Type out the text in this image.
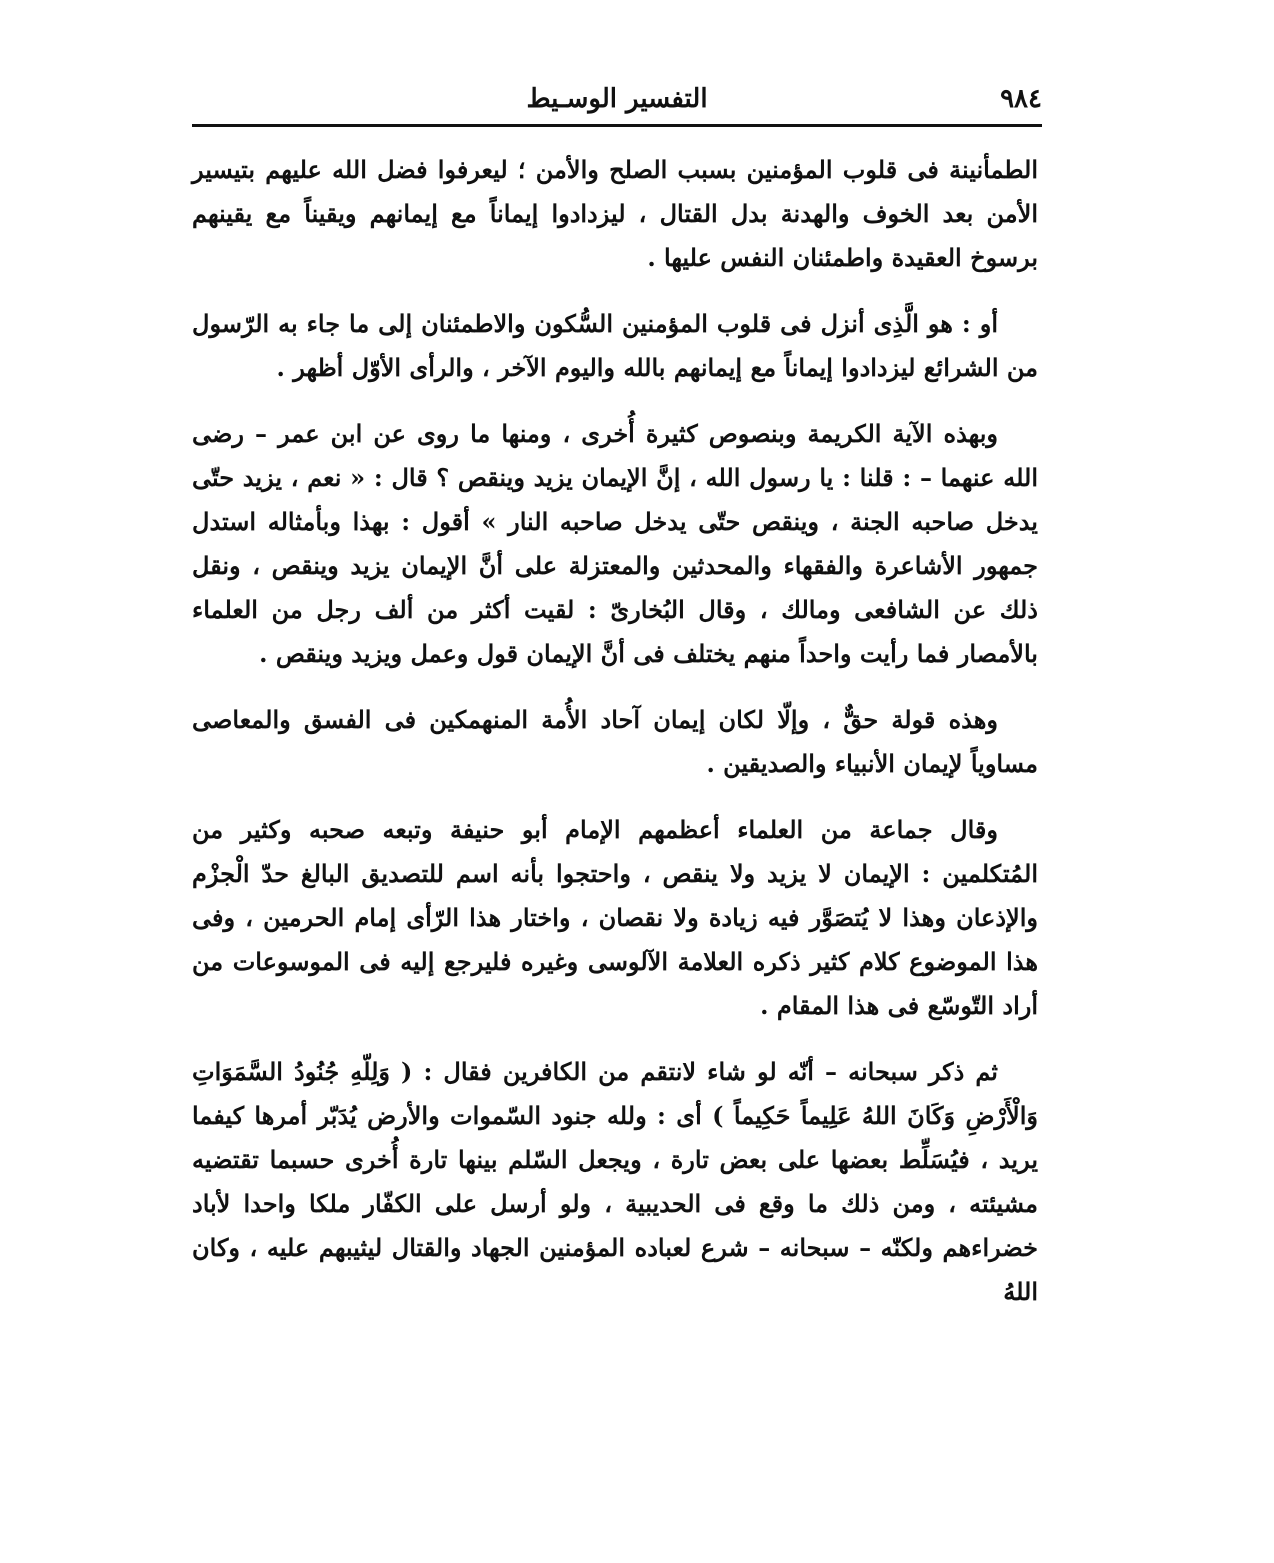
٩٨٤
التفسير الوسـيط

الطمأنينة فى قلوب المؤمنين بسبب الصلح والأمن ؛ ليعرفوا فضل الله عليهم بتيسير الأمن بعد الخوف والهدنة بدل القتال ، ليزدادوا إيماناً مع إيمانهم ويقيناً مع يقينهم برسوخ العقيدة واطمئنان النفس عليها .

أو : هو الَّذِى أنزل فى قلوب المؤمنين السُّكون والاطمئنان إلى ما جاء به الرّسول من الشرائع ليزدادوا إيماناً مع إيمانهم بالله واليوم الآخر ، والرأى الأوّل أظهر .

وبهذه الآية الكريمة وبنصوص كثيرة أُخرى ، ومنها ما روى عن ابن عمر – رضى الله عنهما – : قلنا : يا رسول الله ، إنَّ الإيمان يزيد وينقص ؟ قال : « نعم ، يزيد حتّى يدخل صاحبه الجنة ، وينقص حتّى يدخل صاحبه النار » أقول : بهذا وبأمثاله استدل جمهور الأشاعرة والفقهاء والمحدثين والمعتزلة على أنَّ الإيمان يزيد وينقص ، ونقل ذلك عن الشافعى ومالك ، وقال البُخارىّ : لقيت أكثر من ألف رجل من العلماء بالأمصار فما رأيت واحداً منهم يختلف فى أنَّ الإيمان قول وعمل ويزيد وينقص .

وهذه قولة حقٌّ ، وإلّا لكان إيمان آحاد الأُمة المنهمكين فى الفسق والمعاصى مساوياً لإيمان الأنبياء والصديقين .

وقال جماعة من العلماء أعظمهم الإمام أبو حنيفة وتبعه صحبه وكثير من المُتكلمين : الإيمان لا يزيد ولا ينقص ، واحتجوا بأنه اسم للتصديق البالغ حدّ الْجزْم والإذعان وهذا لا يُتصَوَّر فيه زيادة ولا نقصان ، واختار هذا الرّأى إمام الحرمين ، وفى هذا الموضوع كلام كثير ذكره العلامة الآلوسى وغيره فليرجع إليه فى الموسوعات من أراد التّوسّع فى هذا المقام .

ثم ذكر سبحانه – أنّه لو شاء لانتقم من الكافرين فقال : ( وَلِلّهِ جُنُودُ السَّمَوَاتِ وَالْأَرْضِ وَكَانَ اللهُ عَلِيماً حَكِيماً ) أى : ولله جنود السّموات والأرض يُدَبّر أمرها كيفما يريد ، فيُسَلِّط بعضها على بعض تارة ، ويجعل السّلم بينها تارة أُخرى حسبما تقتضيه مشيئته ، ومن ذلك ما وقع فى الحديبية ، ولو أرسل على الكفّار ملكا واحدا لأباد خضراءهم ولكنّه – سبحانه – شرع لعباده المؤمنين الجهاد والقتال ليثيبهم عليه ، وكان اللهُ
